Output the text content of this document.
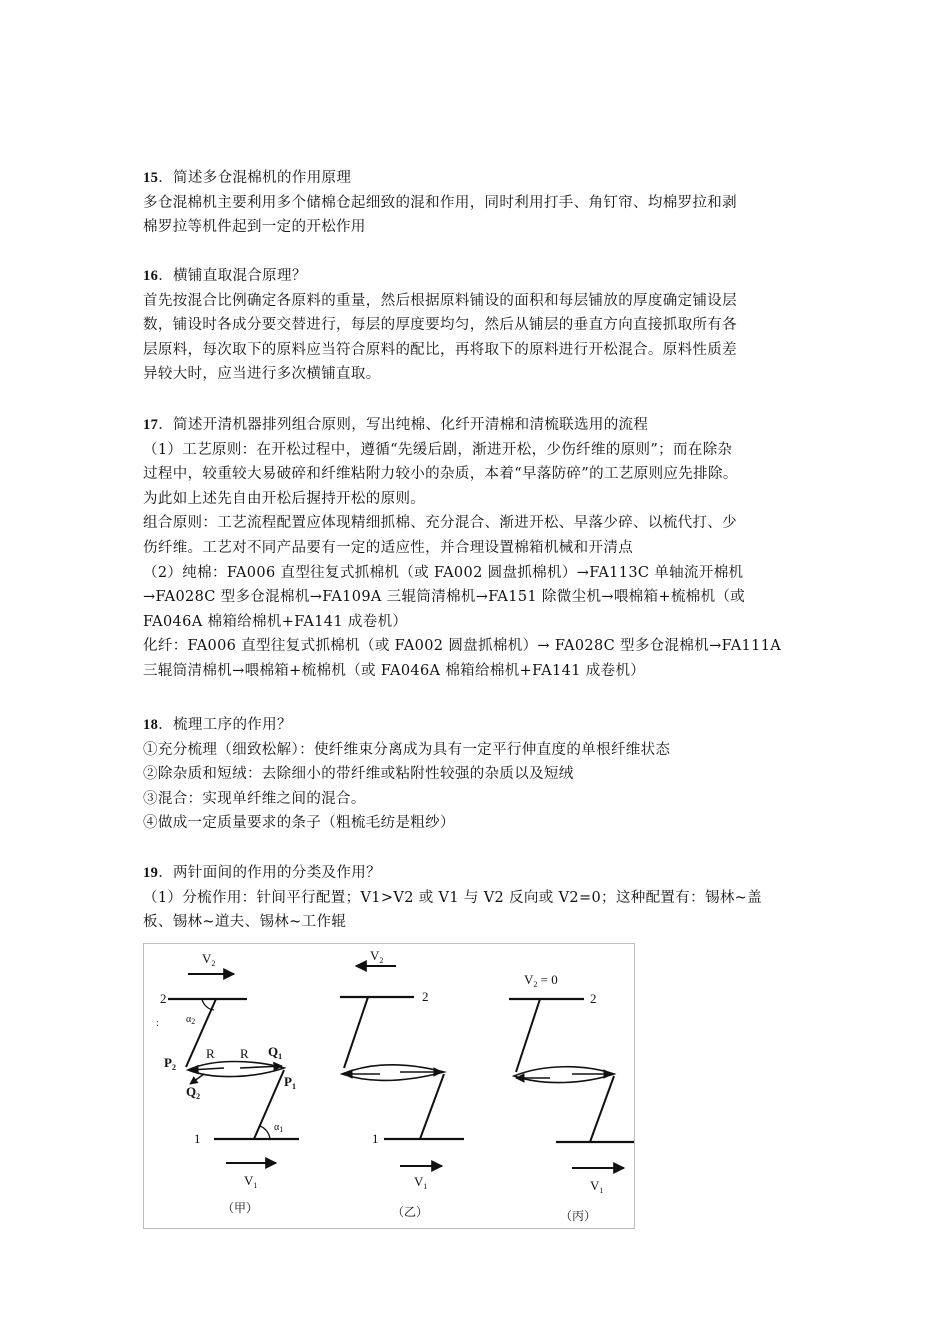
15．简述多仓混棉机的作用原理
多仓混棉机主要利用多个储棉仓起细致的混和作用，同时利用打手、角钉帘、均棉罗拉和剥
棉罗拉等机件起到一定的开松作用
16．横铺直取混合原理？
首先按混合比例确定各原料的重量，然后根据原料铺设的面积和每层铺放的厚度确定铺设层
数，铺设时各成分要交替进行，每层的厚度要均匀，然后从铺层的垂直方向直接抓取所有各
层原料，每次取下的原料应当符合原料的配比，再将取下的原料进行开松混合。原料性质差
异较大时，应当进行多次横铺直取。
17．简述开清机器排列组合原则，写出纯棉、化纤开清棉和清梳联选用的流程
（1）工艺原则：在开松过程中，遵循“先缓后剧，渐进开松，少伤纤维的原则”；而在除杂
过程中，较重较大易破碎和纤维粘附力较小的杂质，本着“早落防碎”的工艺原则应先排除。
为此如上述先自由开松后握持开松的原则。
组合原则：工艺流程配置应体现精细抓棉、充分混合、渐进开松、早落少碎、以梳代打、少
伤纤维。工艺对不同产品要有一定的适应性，并合理设置棉箱机械和开清点
（2）纯棉：FA006 直型往复式抓棉机（或 FA002 圆盘抓棉机）→FA113C 单轴流开棉机
→FA028C 型多仓混棉机→FA109A 三辊筒清棉机→FA151 除微尘机→喂棉箱+梳棉机（或
FA046A 棉箱给棉机+FA141 成卷机）
化纤：FA006 直型往复式抓棉机（或 FA002 圆盘抓棉机）→ FA028C 型多仓混棉机→FA111A
三辊筒清棉机→喂棉箱+梳棉机（或 FA046A 棉箱给棉机+FA141 成卷机）
18．梳理工序的作用？
①充分梳理（细致松解）：使纤维束分离成为具有一定平行伸直度的单根纤维状态
②除杂质和短绒：去除细小的带纤维或粘附性较强的杂质以及短绒
③混合：实现单纤维之间的混合。
④做成一定质量要求的条子（粗梳毛纺是粗纱）
19．两针面间的作用的分类及作用？
（1）分梳作用：针间平行配置；V1>V2 或 V1 与 V2 反向或 V2=0；这种配置有：锡林~盖
板、锡林~道夫、锡林~工作辊
$V_2$
2
$\alpha_2$
:
$P_2$
R R $Q_1$
$Q_2$
$P_1$
$\alpha_1$
1
$V_1$
（甲）
$V_2$
2
1
$V_1$
（乙）
$V_2 = 0$
2
$V_1$
（丙）
